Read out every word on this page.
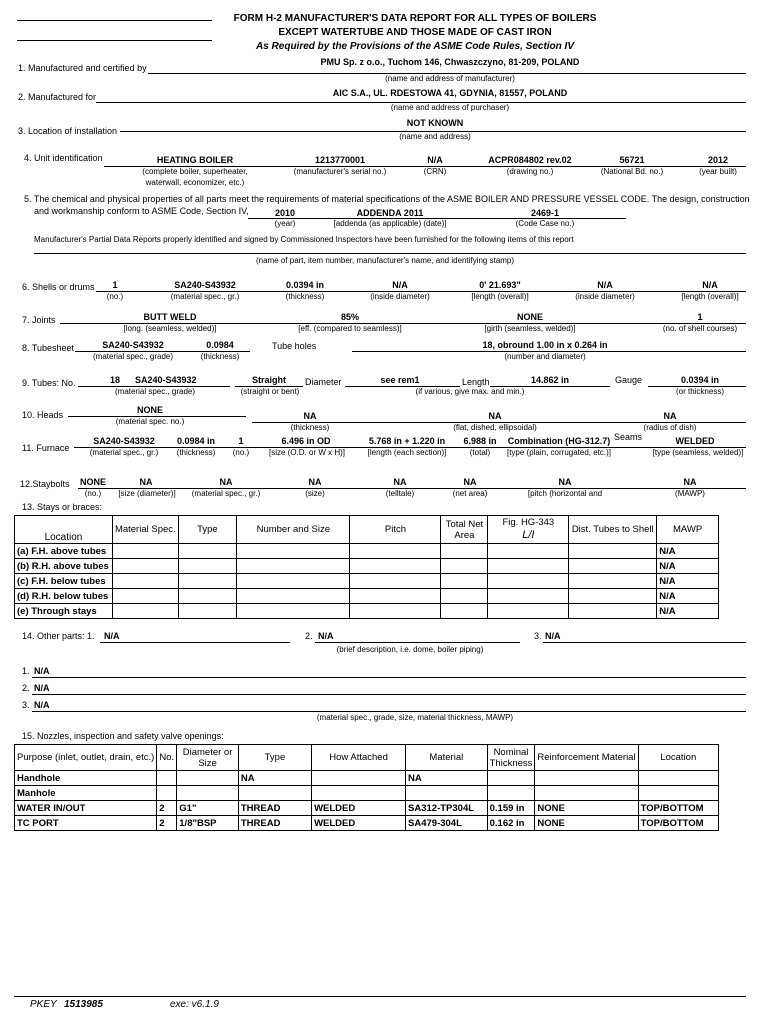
FORM H-2 MANUFACTURER'S DATA REPORT FOR ALL TYPES OF BOILERS
EXCEPT WATERTUBE AND THOSE MADE OF CAST IRON
As Required by the Provisions of the ASME Code Rules, Section IV
1. Manufactured and certified by
PMU Sp. z o.o., Tuchom 146, Chwaszczyno, 81-209, POLAND
(name and address of manufacturer)
2. Manufactured for	AIC S.A., UL. RDESTOWA 41, GDYNIA, 81557, POLAND
(name and address of purchaser)
3. Location of installation
NOT KNOWN
(name and address)
4. Unit identification	HEATING BOILER
(complete boiler, superheater,
waterwall, economizer, etc.)
1213770001
(manufacturer's serial no.)
N/A
(CRN)
ACPR084802 rev.02
(drawing no.)
56721
(National Bd. no.)
2012
(year built)
5. The chemical and physical properties of all parts meet the requirements of material specifications of the ASME BOILER AND PRESSURE VESSEL CODE. The design, construction
and workmanship conform to ASME Code, Section IV,	2010
(year)
ADDENDA 2011
[addenda (as applicable) (date)]
2469-1
(Code Case no.)
Manufacturer's Partial Data Reports properly identified and signed by Commissioned Inspectors have been furnished for the following items of this report
(name of part, item number, manufacturer's name, and identifying stamp)
6. Shells or drums	1
(no.)
SA240-S43932
(material spec., gr.)
0.0394 in
(thickness)
N/A
(inside diameter)
0' 21.693"
[length (overall)]
N/A
(inside diameter)
N/A
[length (overall)]
7. Joints	BUTT WELD
[long. (seamless, welded)]
85%
[eff. (compared to seamless)]
NONE
[girth (seamless, welded)]
1
(no. of shell courses)
8. Tubesheet	SA240-S43932
(material spec., grade)
0.0984
(thickness)
Tube holes	18, obround 1.00 in x 0.264 in
(number and diameter)
9. Tubes: No.	18 SA240-S43932
(material spec., grade)
Straight
(straight or bent)
Diameter	see rem1
(if various, give max. and min.)
Length	14.862 in	Gauge	0.0394 in
(or thickness)
10. Heads	NONE
(material spec. no.)
NA
(thickness)
NA
(flat, dished, ellipsoidal)
NA
(radius of dish)
11. Furnace
SA240-S43932
(material spec., gr.)
0.0984 in
(thickness)
1
(no.)
6.496 in OD
[size (O.D. or W x H)]
5.768 in + 1.220 in
[length (each section)]
6.988 in
(total)
Combination (HG-312.7)
[type (plain, corrugated, etc.)]
Seams	WELDED
[type (seamless, welded)]
12.Staybolts NONE
(no.)
NA
[size (diameter)]
NA
(material spec., gr.)
NA
(size)
NA
(telltale)
NA
(net area)
NA
[pitch (horizontal and
NA
(MAWP)
13. Stays or braces:
Location	Material Spec.	Type	Number and Size	Pitch	Total Net Area	Fig. HG-343
L/I	Dist. Tubes to Shell	MAWP
(a) F.H. above tubes								N/A
(b) R.H. above tubes								N/A
(c) F.H. below tubes								N/A
(d) R.H. below tubes								N/A
(e) Through stays								N/A
14. Other parts: 1. N/A	2. N/A	3. N/A
(brief description, i.e. dome, boiler piping)
1. N/A
2. N/A
3. N/A
(material spec., grade, size, material thickness, MAWP)
15. Nozzles, inspection and safety valve openings:
Purpose (inlet, outlet, drain, etc.)	No.	Diameter or Size	Type	How Attached	Material	Nominal Thickness	Reinforcement Material	Location
Handhole			NA		NA			
Manhole								
WATER IN/OUT	2	G1"	THREAD	WELDED	SA312-TP304L	0.159 in	NONE	TOP/BOTTOM
TC PORT	2	1/8"BSP	THREAD	WELDED	SA479-304L	0.162 in	NONE	TOP/BOTTOM
PKEY 1513985	exe: v6.1.9
